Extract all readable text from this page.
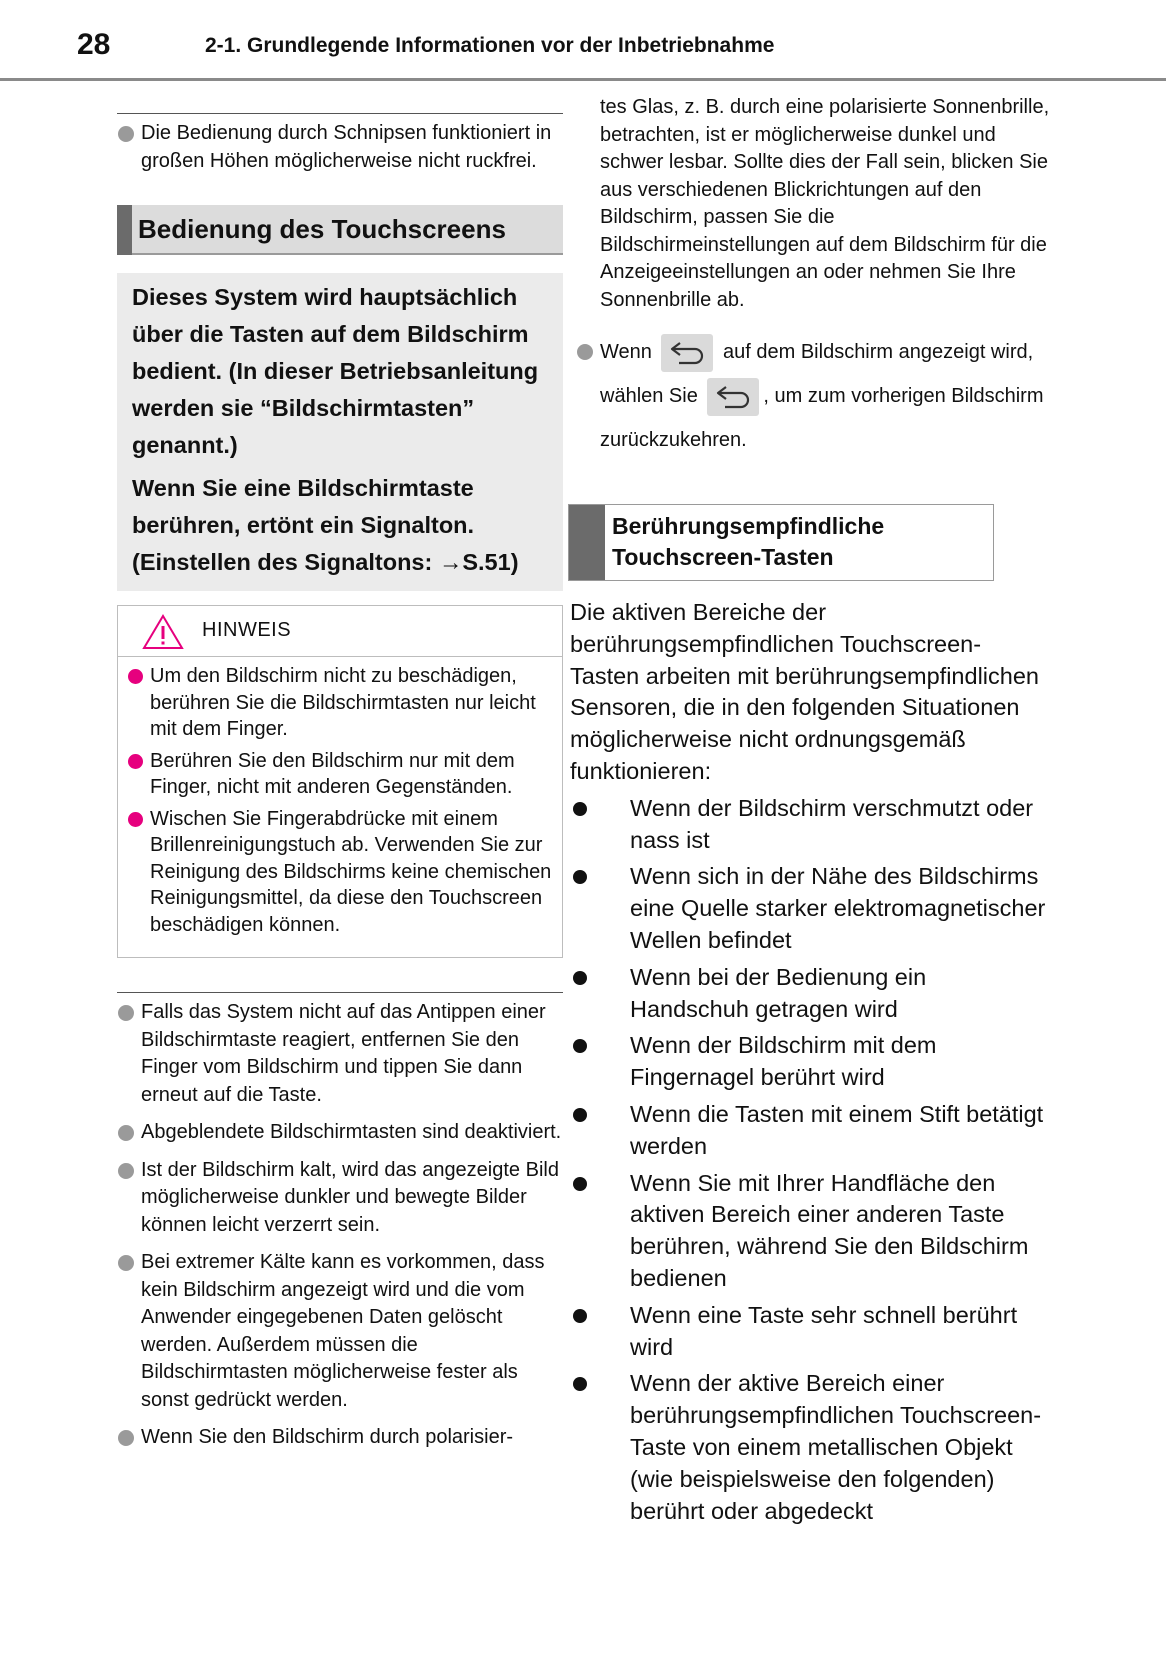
28	2-1. Grundlegende Informationen vor der Inbetriebnahme
Die Bedienung durch Schnipsen funktioniert in großen Höhen möglicherweise nicht ruckfrei.
Bedienung des Touchscreens

Dieses System wird hauptsächlich über die Tasten auf dem Bildschirm bedient. (In dieser Betriebsanleitung werden sie “Bildschirmtasten” genannt.)

Wenn Sie eine Bildschirmtaste berühren, ertönt ein Signalton. (Einstellen des Signaltons: →S.51)

HINWEIS
Um den Bildschirm nicht zu beschädigen, berühren Sie die Bildschirmtasten nur leicht mit dem Finger.
Berühren Sie den Bildschirm nur mit dem Finger, nicht mit anderen Gegenständen.
Wischen Sie Fingerabdrücke mit einem Brillenreinigungstuch ab. Verwenden Sie zur Reinigung des Bildschirms keine chemischen Reinigungsmittel, da diese den Touchscreen beschädigen können.
Falls das System nicht auf das Antippen einer Bildschirmtaste reagiert, entfernen Sie den Finger vom Bildschirm und tippen Sie dann erneut auf die Taste.
Abgeblendete Bildschirmtasten sind deaktiviert.
Ist der Bildschirm kalt, wird das angezeigte Bild möglicherweise dunkler und bewegte Bilder können leicht verzerrt sein.
Bei extremer Kälte kann es vorkommen, dass kein Bildschirm angezeigt wird und die vom Anwender eingegebenen Daten gelöscht werden. Außerdem müssen die Bildschirmtasten möglicherweise fester als sonst gedrückt werden.
Wenn Sie den Bildschirm durch polarisier-
tes Glas, z. B. durch eine polarisierte Sonnenbrille, betrachten, ist er möglicherweise dunkel und schwer lesbar. Sollte dies der Fall sein, blicken Sie aus verschiedenen Blickrichtungen auf den Bildschirm, passen Sie die Bildschirmeinstellungen auf dem Bildschirm für die Anzeigeeinstellungen an oder nehmen Sie Ihre Sonnenbrille ab.
Wenn	auf dem Bildschirm angezeigt wird, wählen Sie	, um zum vorherigen Bildschirm zurückzukehren.
Berührungsempfindliche Touchscreen-Tasten
Die aktiven Bereiche der berührungsempfindlichen Touchscreen-Tasten arbeiten mit berührungsempfindlichen Sensoren, die in den folgenden Situationen möglicherweise nicht ordnungsgemäß funktionieren:
Wenn der Bildschirm verschmutzt oder nass ist
Wenn sich in der Nähe des Bildschirms eine Quelle starker elektromagnetischer Wellen befindet
Wenn bei der Bedienung ein Handschuh getragen wird
Wenn der Bildschirm mit dem Fingernagel berührt wird
Wenn die Tasten mit einem Stift betätigt werden
Wenn Sie mit Ihrer Handfläche den aktiven Bereich einer anderen Taste berühren, während Sie den Bildschirm bedienen
Wenn eine Taste sehr schnell berührt wird
Wenn der aktive Bereich einer berührungsempfindlichen Touchscreen-Taste von einem metallischen Objekt (wie beispielsweise den folgenden) berührt oder abgedeckt
